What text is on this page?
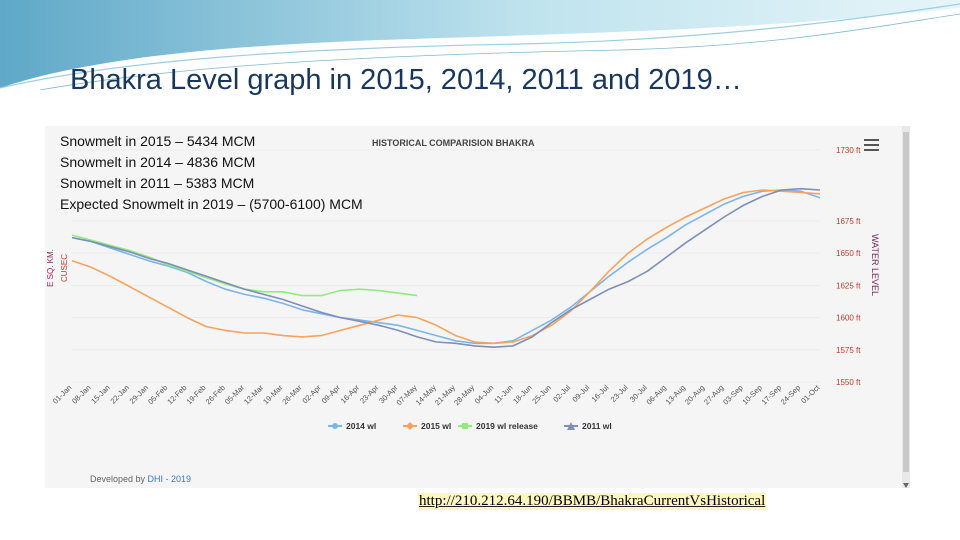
Bhakra Level graph in 2015, 2014, 2011 and 2019…
HISTORICAL COMPARISION BHAKRA
1730 ft
1675 ft
1650 ft
1625 ft
1600 ft
1575 ft
1550 ft
WATER LEVEL
E SQ. KM. CUSEC
01-Jan
08-Jan
15-Jan
22-Jan
29-Jan
05-Feb
12-Feb
19-Feb
26-Feb
05-Mar
12-Mar
19-Mar
26-Mar
02-Apr
09-Apr
16-Apr
23-Apr
30-Apr
07-May
14-May
21-May
28-May
04-Jun
11-Jun
18-Jun
25-Jun
02-Jul
09-Jul
16-Jul
23-Jul
30-Jul
06-Aug
13-Aug
20-Aug
27-Aug
03-Sep
10-Sep
17-Sep
24-Sep
01-Oct
2014 wl	2015 wl	2019 wl release	2011 wl
Snowmelt in 2015 – 5434 MCM
Snowmelt in 2014 – 4836 MCM
Snowmelt in 2011 – 5383 MCM
Expected Snowmelt in 2019 – (5700-6100) MCM
Developed by DHI - 2019
http://210.212.64.190/BBMB/BhakraCurrentVsHistorical
